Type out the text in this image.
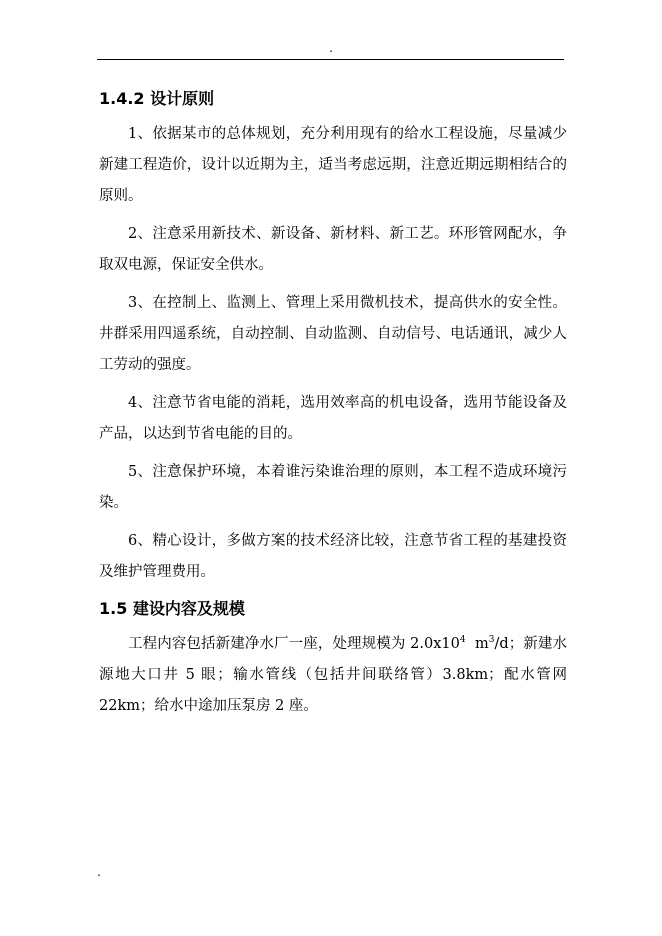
.
1.4.2 设计原则

1、依据某市的总体规划，充分利用现有的给水工程设施，尽量减少新建工程造价，设计以近期为主，适当考虑远期，注意近期远期相结合的原则。

2、注意采用新技术、新设备、新材料、新工艺。环形管网配水，争取双电源，保证安全供水。

3、在控制上、监测上、管理上采用微机技术，提高供水的安全性。井群采用四遥系统，自动控制、自动监测、自动信号、电话通讯，减少人工劳动的强度。

4、注意节省电能的消耗，选用效率高的机电设备，选用节能设备及产品，以达到节省电能的目的。

5、注意保护环境，本着谁污染谁治理的原则，本工程不造成环境污染。

6、精心设计，多做方案的技术经济比较，注意节省工程的基建投资及维护管理费用。

1.5 建设内容及规模

工程内容包括新建净水厂一座，处理规模为 $2.0x10^4$  $m^3/d$；新建水源地大口井 5 眼；输水管线（包括井间联络管）3.8km；配水管网 22km；给水中途加压泵房 2 座。

.
